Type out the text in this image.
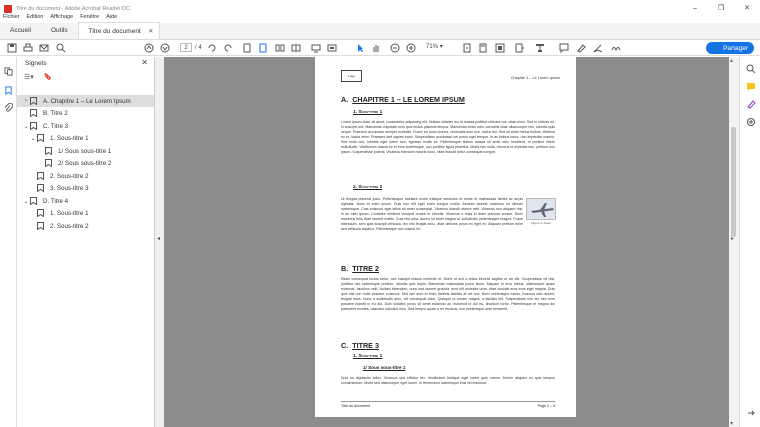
Titre du document - Adobe Acrobat Reader DC	–	❐	✕
Fichier Edition Affichage Fenêtre Aide
Accueil	Outils	Titre du document ✕
2 / 4	71% ▾	👤 Partager
Signets	✕
☰▾ 🔖
›	A. Chapitre 1 – Le Lorem Ipsum
B. Titre 2
⌄ C. Titre 3
⌄ 1. Sous-titre 1
1/ Sous sous-titre 1
2/ Sous sous-titre 2
2. Sous-titre 2
3. Sous-titre 3
⌄ D. Titre 4
1. Sous-titre 1
2. Sous-titre 2
◂
Logo	Chapitre 1 – Le Lorem Ipsum
A. CHAPITRE 1 – LE LOREM IPSUM
1. Sous-titre 1
Lorem ipsum dolor sit amet, consectetur adipiscing elit. Nullam ultricies leo id massa porttitor ultricies non vitae enim. Sed in ultrices mi, in suscipit orci. Maecenas vulputate eros quis lectus placerat tempor. Maecenas tortor odio, convallis vitae ullamcorper nec, lobortis quis neque. Praesent accumsan semper molestie. Fusce eu nunc viverra, venenatis sem non, luctus leo. Sed sit amet metus finibus, eleifend ex et, luctus enim. Praesent sed sapien enim. Suspendisse accumsan vel purus eget tempor. In ac finibus tortor, non imperdiet mauris. Sed nulla orci, lobortis eget lorem non, egestas mollis ex. Pellentesque finibus massa sit amet odio hendrerit, et porttitor libero sollicitudin. Vestibulum lacinia ex et eros scelerisque, non porttitor ligula pharetra. Morbi nec nulla, rhoncus id molestie nec, pretium non ipsum. Suspendisse potenti. Vivamus interdum mauris nunc, vitae blandit tortor consequat congue.
2. Sous-titre 2
Ut feugiat placerat justo. Pellentesque habitant morbi tristique senectus et netus et malesuada fames ac turpis egestas. Nunc id enim ipsum. Duis non elit eget enim congue mollis. Aenean laoreet maximus mi ultrices scelerisque. Cras euismod eget tellus sit amet consequat. Vivamus blandit viverra velit. Vivamus non aliquam nisi, in ac nibh ipsum. Curabitur eleifend volutpat ornare in lobortis. Vivamus a nulla in diam pulvinar cursus. Nunc maximus felis vitae laoreet mattis. Cras nisi urna, auctor sit amet magna id, sollicitudin pellentesque magna. Fusce bibendum, sem quis suscipit vehicula, leo nisi feugiat arcu, vitae ultricies purus ex eget ex. Aliquam pretium enim sed vehicula dapibus. Pellentesque non mauris mi.
Figure 1: Avion
B. TITRE 2
Etiam consequat luctus tortor, nec suscipit mauris molestie et. Morbi ut orci a tellus lobortis sagittis ut vel elit. Suspendisse mi nisi, porttitor nec scelerisque pretium, lobortis quis turpis. Maecenas malesuada purus lacus. Aliquam id eros metus, ullamcorper quam euismod, faucibus velit. Nullam bibendum, nunc sed laoreet gravida, eros elit molestie urna, vitae suscipit eros eros eget magna. Duis quis nisi non nulla posuere euismod. Sed nec arcu in enim facilisis facilisis at vel orci. Nunc scelerisque luctus, rhoncus odio auctor, feugiat risus. Nunc a sollicitudin arcu, vel consequat dolor. Quisque ut ornare magna, a facilisis elit. Suspendisse non leo nec eros posuere blandit in eu dui. Duis sodales purus sit amet euismod ac, euismod ut dui eu, tincidunt tortor. Pellentesque et magna dui parturient montes, nascetur ridiculus mus. Sed tempor quam a mi rhoncus, non scelerisque ante hendrerit.
C. TITRE 3
1. Sous-titre 1
1/ Sous sous-titre 1
Duis eu dignissim tellus. Vivamus sed efficitur leo. Vestibulum tristique eget lorem quis rutrum. Donec aliquam ex quis tempus condimentum. Morbi sed ullamcorper eget lorem. In fermentum scelerisque erat vel euismod.
Titre du document	Page 2 – 4
▴
▸
▾
